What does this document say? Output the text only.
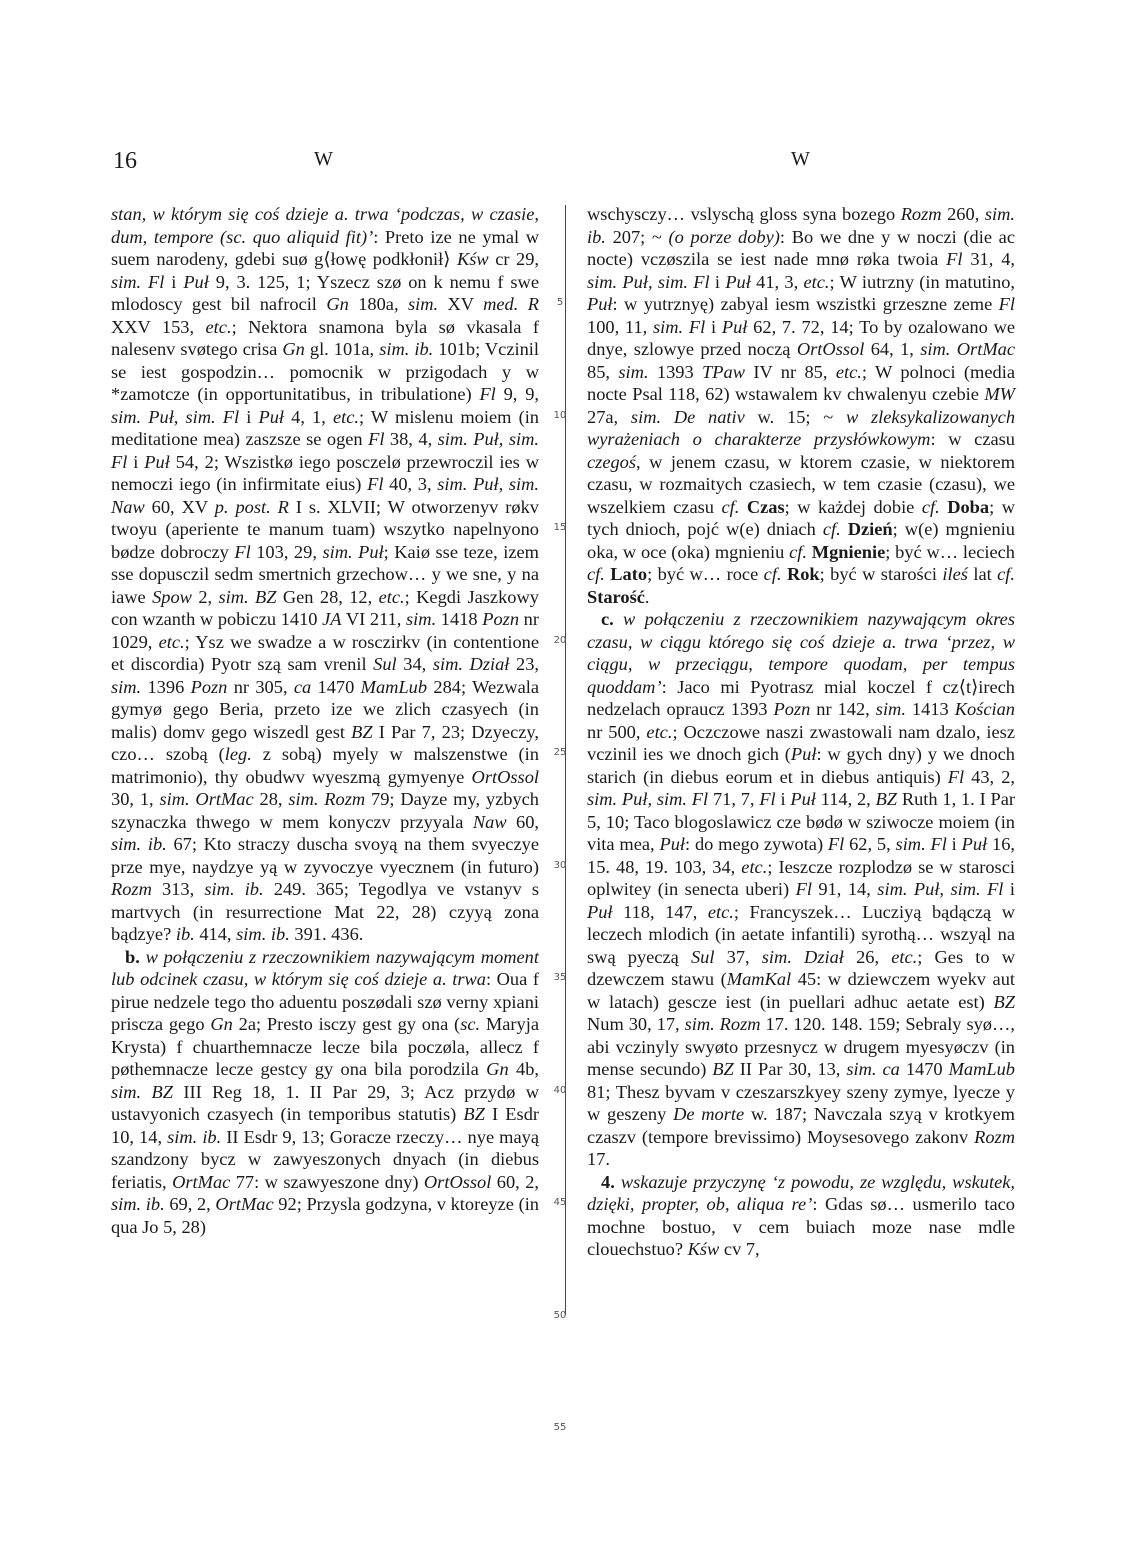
16	W	W
5
10
15
20
25
30
35
40
45
50
55

stan, w którym się coś dzieje a. trwa ‘podczas, w czasie, dum, tempore (sc. quo aliquid fit)’: Preto ize ne ymal w suem narodeny, gdebi suø g⟨łowę podkłonił⟩ Kśw cr 29, sim. Fl i Puł 9, 3. 125, 1; Yszecz szø on k nemu f swe mlodoscy gest bil nafrocil Gn 180a, sim. XV med. R XXV 153, etc.; Nektora snamona byla sø vkasala f nalesenv svøtego crisa Gn gl. 101a, sim. ib. 101b; Vczinil se iest gospodzin… pomocnik w przigodach y w *zamotcze (in opportunitatibus, in tribulatione) Fl 9, 9, sim. Puł, sim. Fl i Puł 4, 1, etc.; W mislenu moiem (in meditatione mea) zaszsze se ogen Fl 38, 4, sim. Puł, sim. Fl i Puł 54, 2; Wszistkø iego posczelø przewroczil ies w nemoczi iego (in infirmitate eius) Fl 40, 3, sim. Puł, sim. Naw 60, XV p. post. R I s. XLVII; W otworzenyv røkv twoyu (aperiente te manum tuam) wszytko napelnyono bødze dobroczy Fl 103, 29, sim. Puł; Kaiø sse teze, izem sse dopusczil sedm smertnich grzechow… y we sne, y na iawe Spow 2, sim. BZ Gen 28, 12, etc.; Kegdi Jaszkowy con wzanth w pobiczu 1410 JA VI 211, sim. 1418 Pozn nr 1029, etc.; Ysz we swadze a w rosczirkv (in contentione et discordia) Pyotr szą sam vrenil Sul 34, sim. Dział 23, sim. 1396 Pozn nr 305, ca 1470 MamLub 284; Wezwala gymyø gego Beria, przeto ize we zlich czasyech (in malis) domv gego wiszedl gest BZ I Par 7, 23; Dzyeczy, czo… szobą (leg. z sobą) myely w malszenstwe (in matrimonio), thy obudwv wyeszmą gymyenye OrtOssol 30, 1, sim. OrtMac 28, sim. Rozm 79; Dayze my, yzbych szynaczka thwego w mem konyczv przyyala Naw 60, sim. ib. 67; Kto straczy duscha svoyą na them svyeczye prze mye, naydzye yą w zyvoczye vyecznem (in futuro) Rozm 313, sim. ib. 249. 365; Tegodlya ve vstanyv s martvych (in resurrectione Mat 22, 28) czyyą zona bądzye? ib. 414, sim. ib. 391. 436.

b. w połączeniu z rzeczownikiem nazywającym moment lub odcinek czasu, w którym się coś dzieje a. trwa: Oua f pirue nedzele tego tho aduentu poszødali szø verny xpiani priscza gego Gn 2a; Presto isczy gest gy ona (sc. Maryja Krysta) f chuarthemnacze lecze bila poczøla, allecz f pøthemnacze lecze gestcy gy ona bila porodzila Gn 4b, sim. BZ III Reg 18, 1. II Par 29, 3; Acz przydø w ustavyonich czasyech (in temporibus statutis) BZ I Esdr 10, 14, sim. ib. II Esdr 9, 13; Goracze rzeczy… nye mayą szandzony bycz w zawyeszonych dnyach (in diebus feriatis, OrtMac 77: w szawyeszone dny) OrtOssol 60, 2, sim. ib. 69, 2, OrtMac 92; Przysla godzyna, v ktoreyze (in qua Jo 5, 28)

wschysczy… vslyschą gloss syna bozego Rozm 260, sim. ib. 207; ~ (o porze doby): Bo we dne y w noczi (die ac nocte) vczøszila se iest nade mnø røka twoia Fl 31, 4, sim. Puł, sim. Fl i Puł 41, 3, etc.; W iutrzny (in matutino, Puł: w yutrznyę) zabyal iesm wszistki grzeszne zeme Fl 100, 11, sim. Fl i Puł 62, 7. 72, 14; To by ozalowano we dnye, szlowye przed noczą OrtOssol 64, 1, sim. OrtMac 85, sim. 1393 TPaw IV nr 85, etc.; W polnoci (media nocte Psal 118, 62) wstawalem kv chwalenyu czebie MW 27a, sim. De nativ w. 15; ~ w zleksykalizowanych wyrażeniach o charakterze przysłówkowym: w czasu czegoś, w jenem czasu, w ktorem czasie, w niektorem czasu, w rozmaitych czasiech, w tem czasie (czasu), we wszelkiem czasu cf. Czas; w każdej dobie cf. Doba; w tych dnioch, pojć w(e) dniach cf. Dzień; w(e) mgnieniu oka, w oce (oka) mgnieniu cf. Mgnienie; być w… leciech cf. Lato; być w… roce cf. Rok; być w starości ileś lat cf. Starość.

c. w połączeniu z rzeczownikiem nazywającym okres czasu, w ciągu którego się coś dzieje a. trwa ‘przez, w ciągu, w przeciągu, tempore quodam, per tempus quoddam’: Jaco mi Pyotrasz mial koczel f cz⟨t⟩irech nedzelach opraucz 1393 Pozn nr 142, sim. 1413 Kościan nr 500, etc.; Oczczowe naszi zwastowali nam dzalo, iesz vczinil ies we dnoch gich (Puł: w gych dny) y we dnoch starich (in diebus eorum et in diebus antiquis) Fl 43, 2, sim. Puł, sim. Fl 71, 7, Fl i Puł 114, 2, BZ Ruth 1, 1. I Par 5, 10; Taco blogoslawicz cze bødø w sziwocze moiem (in vita mea, Puł: do mego zywota) Fl 62, 5, sim. Fl i Puł 16, 15. 48, 19. 103, 34, etc.; Ieszcze rozplodzø se w starosci oplwitey (in senecta uberi) Fl 91, 14, sim. Puł, sim. Fl i Puł 118, 147, etc.; Francyszek… Lucziyą bądączą w leczech mlodich (in aetate infantili) syrothą… wszyąl na swą pyeczą Sul 37, sim. Dział 26, etc.; Ges to w dzewczem stawu (MamKal 45: w dziewczem wyekv aut w latach) gescze iest (in puellari adhuc aetate est) BZ Num 30, 17, sim. Rozm 17. 120. 148. 159; Sebraly syø…, abi vczinyly swyøto przesnycz w drugem myesyøczv (in mense secundo) BZ II Par 30, 13, sim. ca 1470 MamLub 81; Thesz byvam v czeszarszkyey szeny zymye, lyecze y w geszeny De morte w. 187; Navczala szyą v krotkyem czaszv (tempore brevissimo) Moysesovego zakonv Rozm 17.

4. wskazuje przyczynę ‘z powodu, ze względu, wskutek, dzięki, propter, ob, aliqua re’: Gdas sø… usmerilo taco mochne bostuo, v cem buiach moze nase mdle clouechstuo? Kśw cv 7,
